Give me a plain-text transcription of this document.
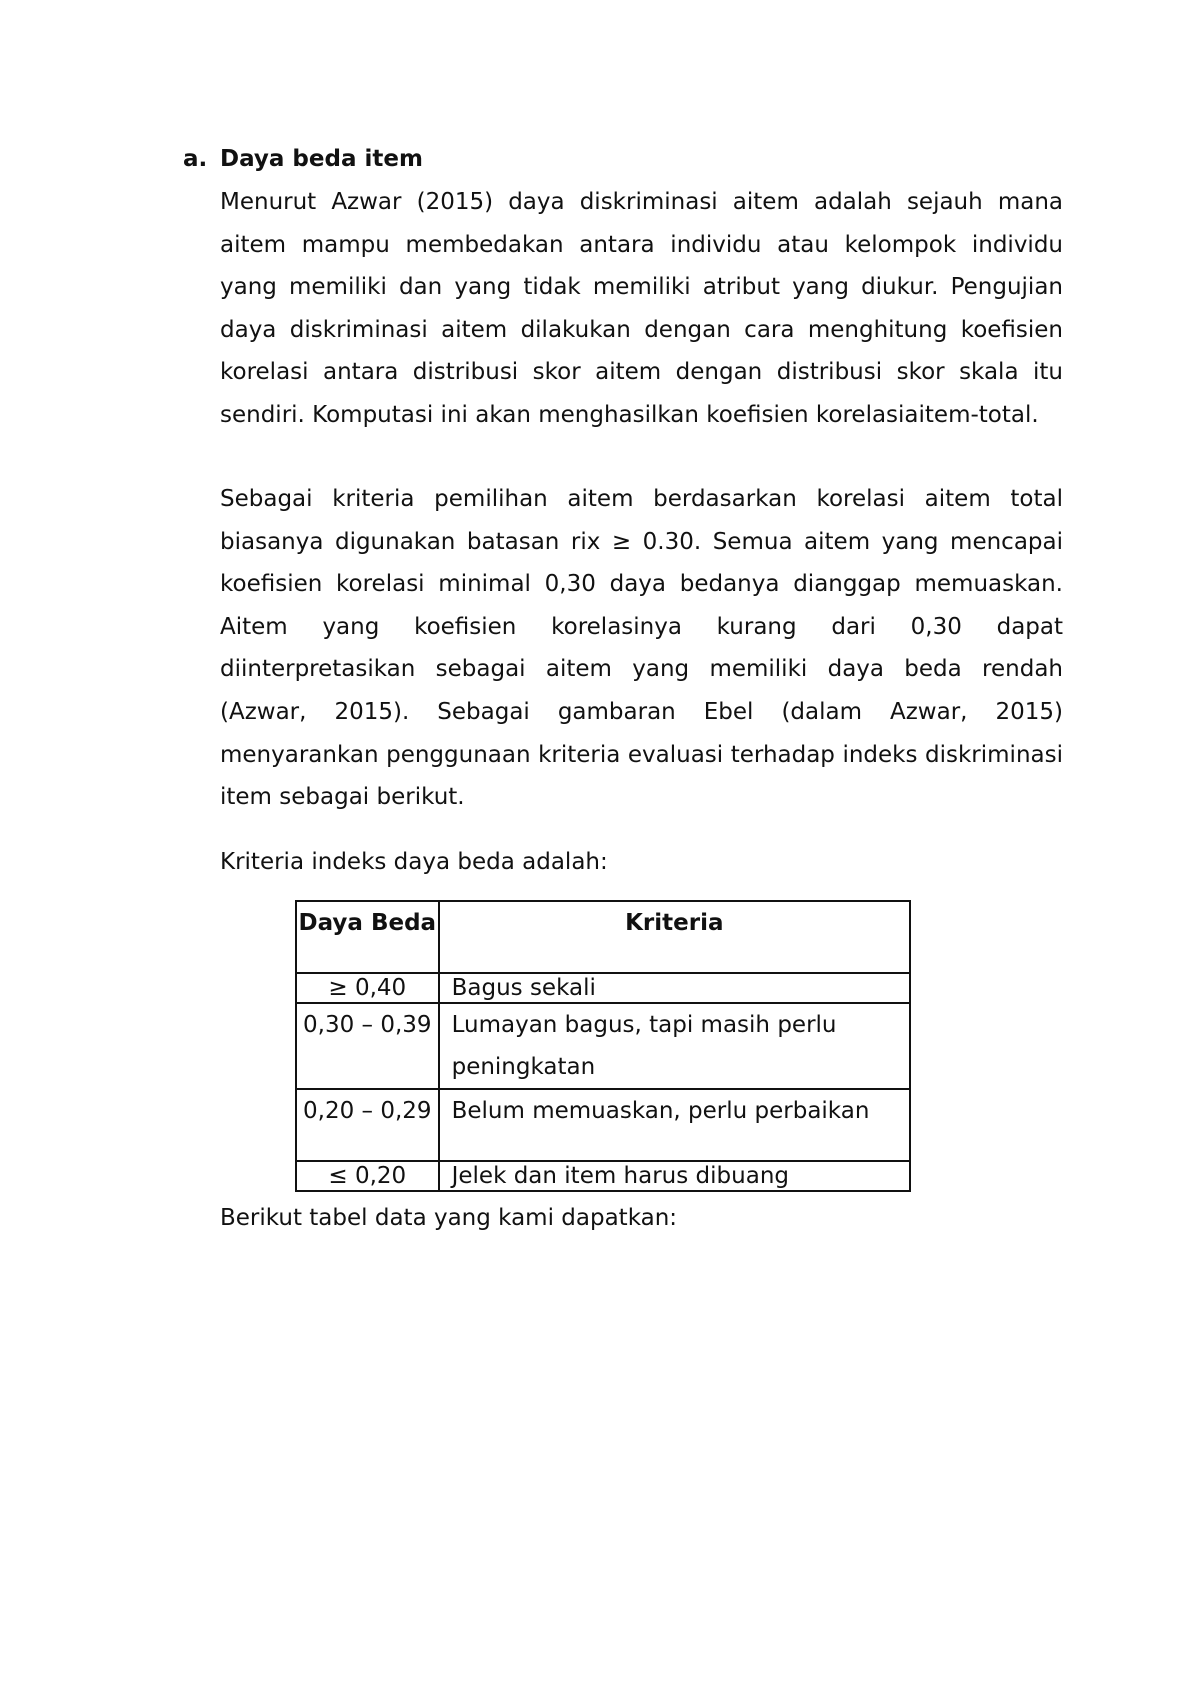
a. Daya beda item
Menurut Azwar (2015) daya diskriminasi aitem adalah sejauh mana aitem mampu membedakan antara individu atau kelompok individu yang memiliki dan yang tidak memiliki atribut yang diukur. Pengujian daya diskriminasi aitem dilakukan dengan cara menghitung koefisien korelasi antara distribusi skor aitem dengan distribusi skor skala itu sendiri. Komputasi ini akan menghasilkan koefisien korelasiaitem-total.
Sebagai kriteria pemilihan aitem berdasarkan korelasi aitem total biasanya digunakan batasan rix ≥ 0.30. Semua aitem yang mencapai koefisien korelasi minimal 0,30 daya bedanya dianggap memuaskan. Aitem yang koefisien korelasinya kurang dari 0,30 dapat diinterpretasikan sebagai aitem yang memiliki daya beda rendah (Azwar, 2015). Sebagai gambaran Ebel (dalam Azwar, 2015) menyarankan penggunaan kriteria evaluasi terhadap indeks diskriminasi item sebagai berikut.
Kriteria indeks daya beda adalah:
Daya Beda	Kriteria
≥ 0,40	Bagus sekali
0,30 – 0,39	Lumayan bagus, tapi masih perlu peningkatan
0,20 – 0,29	Belum memuaskan, perlu perbaikan
≤ 0,20	Jelek dan item harus dibuang
Berikut tabel data yang kami dapatkan:
